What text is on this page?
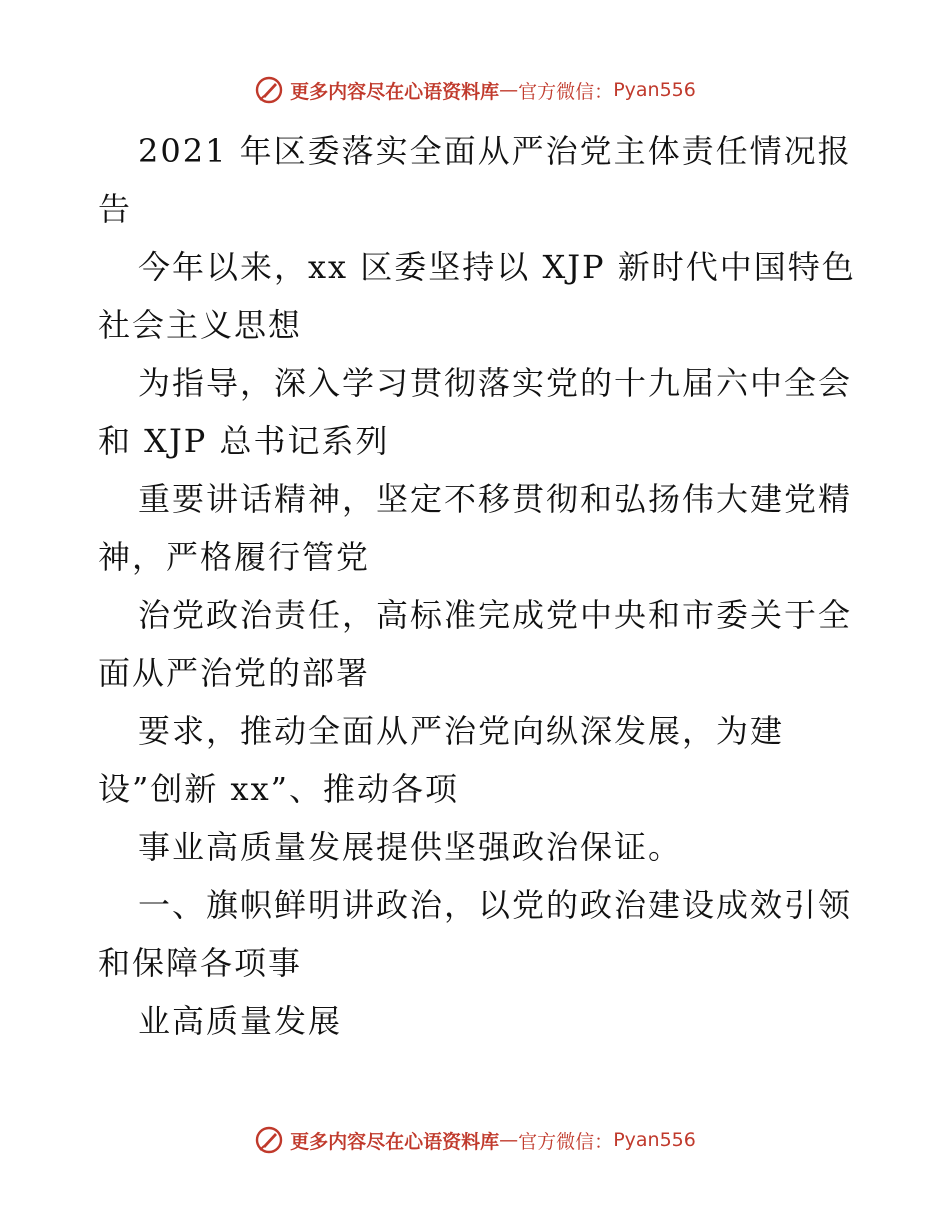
更多内容尽在心语资料库 — 官方微信： Pyan556

2021 年区委落实全面从严治党主体责任情况报

告

今年以来，xx 区委坚持以 XJP 新时代中国特色

社会主义思想

为指导，深入学习贯彻落实党的十九届六中全会

和 XJP 总书记系列

重要讲话精神，坚定不移贯彻和弘扬伟大建党精

神，严格履行管党

治党政治责任，高标准完成党中央和市委关于全

面从严治党的部署

要求，推动全面从严治党向纵深发展，为建

设”创新 xx”、推动各项

事业高质量发展提供坚强政治保证。

一、旗帜鲜明讲政治，以党的政治建设成效引领

和保障各项事

业高质量发展

更多内容尽在心语资料库 — 官方微信： Pyan556
